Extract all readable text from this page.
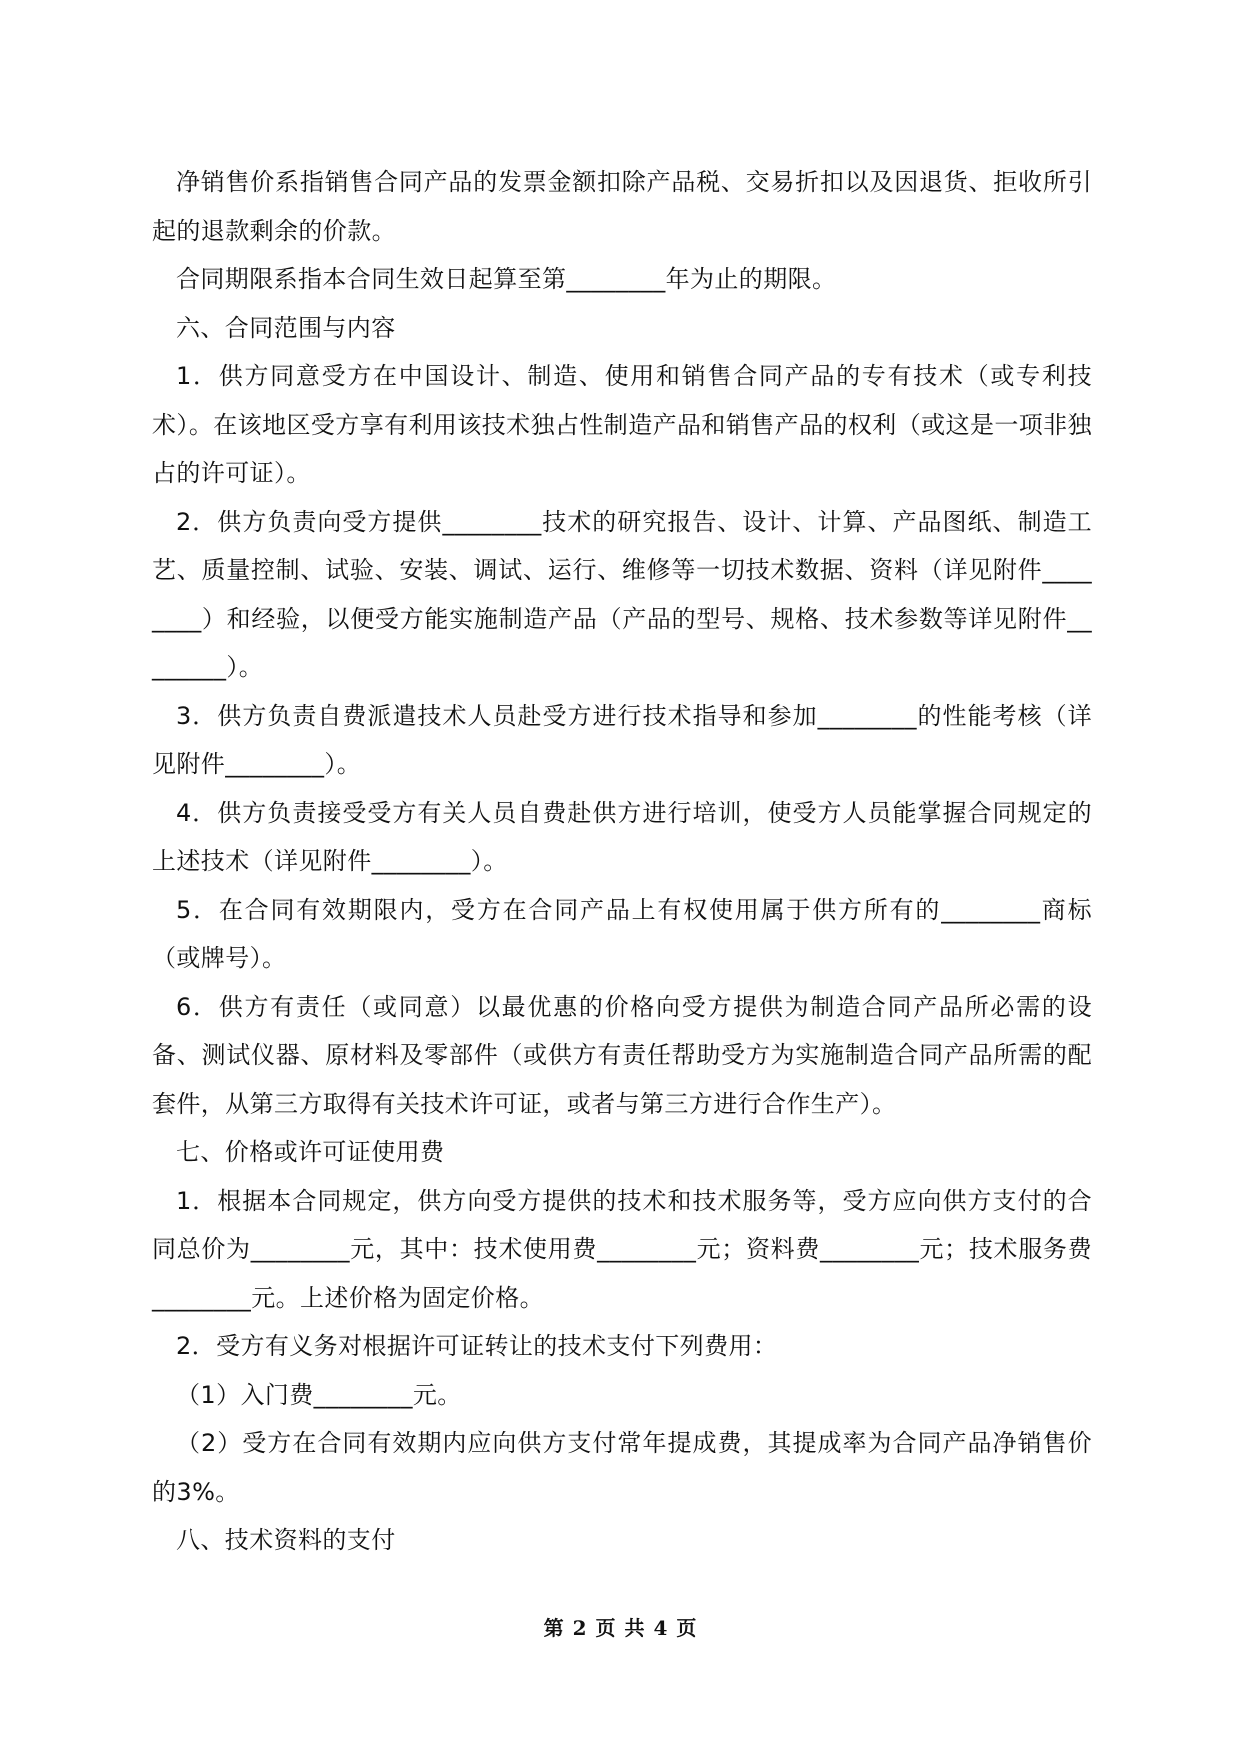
净销售价系指销售合同产品的发票金额扣除产品税、交易折扣以及因退货、拒收所引起的退款剩余的价款。

合同期限系指本合同生效日起算至第________年为止的期限。

六、合同范围与内容

1．供方同意受方在中国设计、制造、使用和销售合同产品的专有技术（或专利技术）。在该地区受方享有利用该技术独占性制造产品和销售产品的权利（或这是一项非独占的许可证）。

2．供方负责向受方提供________技术的研究报告、设计、计算、产品图纸、制造工艺、质量控制、试验、安装、调试、运行、维修等一切技术数据、资料（详见附件________）和经验，以便受方能实施制造产品（产品的型号、规格、技术参数等详见附件________）。

3．供方负责自费派遣技术人员赴受方进行技术指导和参加________的性能考核（详见附件________）。

4．供方负责接受受方有关人员自费赴供方进行培训，使受方人员能掌握合同规定的上述技术（详见附件________）。

5．在合同有效期限内，受方在合同产品上有权使用属于供方所有的________商标（或牌号）。

6．供方有责任（或同意）以最优惠的价格向受方提供为制造合同产品所必需的设备、测试仪器、原材料及零部件（或供方有责任帮助受方为实施制造合同产品所需的配套件，从第三方取得有关技术许可证，或者与第三方进行合作生产）。

七、价格或许可证使用费

1．根据本合同规定，供方向受方提供的技术和技术服务等，受方应向供方支付的合同总价为________元，其中：技术使用费________元；资料费________元；技术服务费________元。上述价格为固定价格。

2．受方有义务对根据许可证转让的技术支付下列费用：

（1）入门费________元。

（2）受方在合同有效期内应向供方支付常年提成费，其提成率为合同产品净销售价的3%。

八、技术资料的支付

第 2 页 共 4 页
